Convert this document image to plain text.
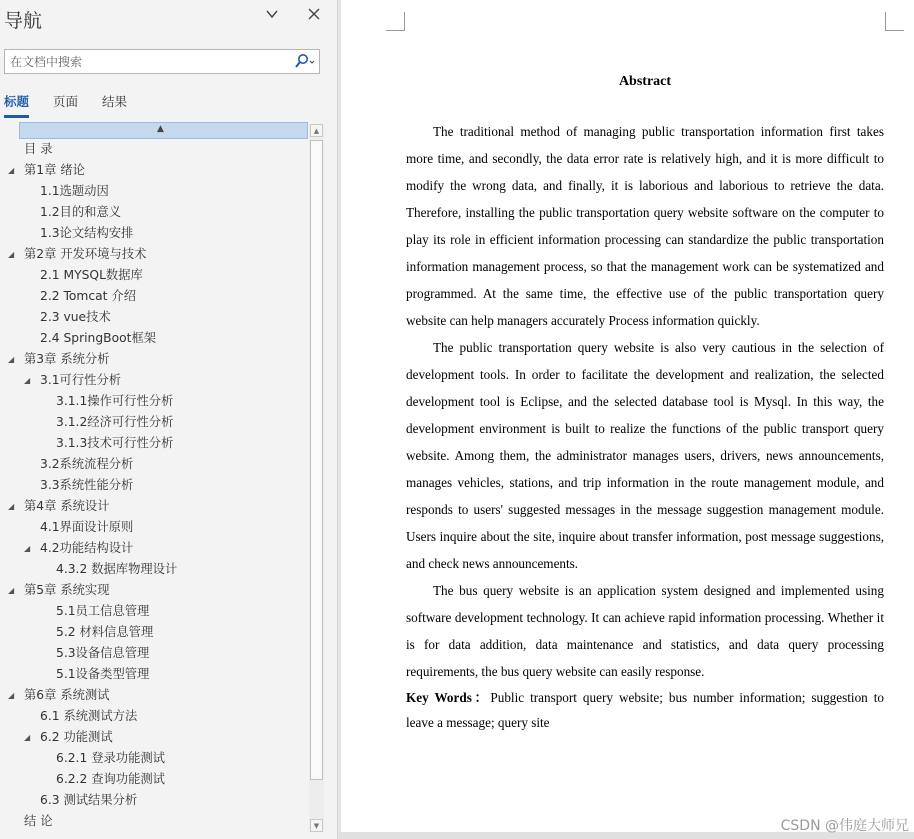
导航
在文档中搜索
标题 页面 结果
▲
目 录
◢ 第1章 绪论
1.1选题动因
1.2目的和意义
1.3论文结构安排
◢ 第2章 开发环境与技术
2.1 MYSQL数据库
2.2 Tomcat 介绍
2.3 vue技术
2.4 SpringBoot框架
◢ 第3章 系统分析
◢ 3.1可行性分析
3.1.1操作可行性分析
3.1.2经济可行性分析
3.1.3技术可行性分析
3.2系统流程分析
3.3系统性能分析
◢ 第4章 系统设计
4.1界面设计原则
◢ 4.2功能结构设计
4.3.2 数据库物理设计
◢ 第5章 系统实现
5.1员工信息管理
5.2 材料信息管理
5.3设备信息管理
5.1设备类型管理
◢ 第6章 系统测试
6.1 系统测试方法
◢ 6.2 功能测试
6.2.1 登录功能测试
6.2.2 查询功能测试
6.3 测试结果分析
结 论
▲
▼

Abstract

The traditional method of managing public transportation information first takes more time, and secondly, the data error rate is relatively high, and it is more difficult to modify the wrong data, and finally, it is laborious and laborious to retrieve the data. Therefore, installing the public transportation query website software on the computer to play its role in efficient information processing can standardize the public transportation information management process, so that the management work can be systematized and programmed. At the same time, the effective use of the public transportation query website can help managers accurately Process information quickly.

The public transportation query website is also very cautious in the selection of development tools. In order to facilitate the development and realization, the selected development tool is Eclipse, and the selected database tool is Mysql. In this way, the development environment is built to realize the functions of the public transport query website. Among them, the administrator manages users, drivers, news announcements, manages vehicles, stations, and trip information in the route management module, and responds to users' suggested messages in the message suggestion management module. Users inquire about the site, inquire about transfer information, post message suggestions, and check news announcements.

The bus query website is an application system designed and implemented using software development technology. It can achieve rapid information processing. Whether it is for data addition, data maintenance and statistics, and data query processing requirements, the bus query website can easily response.

Key Words：Public transport query website; bus number information; suggestion to leave a message; query site

CSDN @伟庭大师兄
